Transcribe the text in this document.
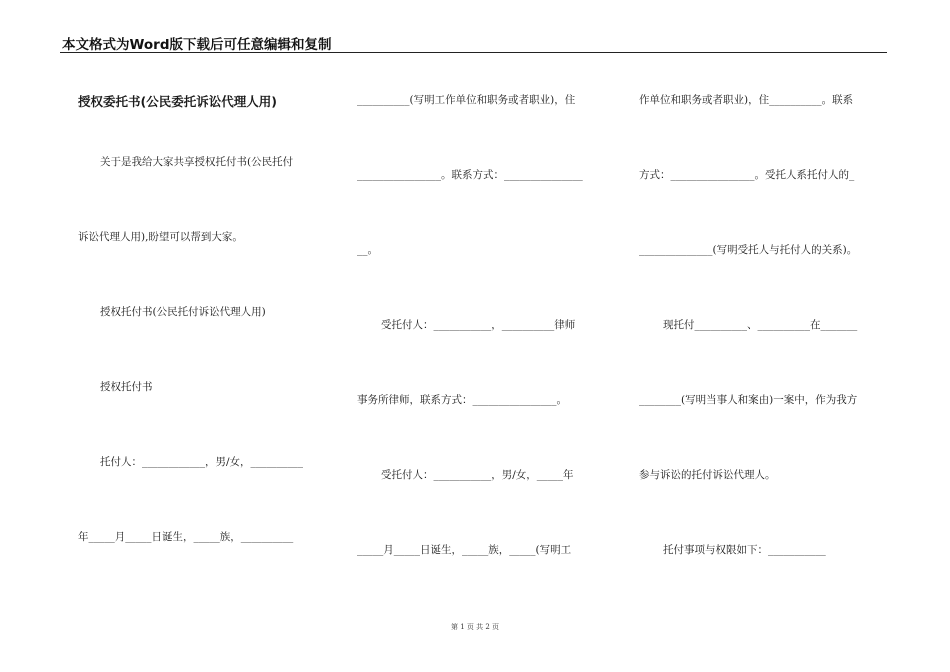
本文格式为Word版下载后可任意编辑和复制
授权委托书(公民委托诉讼代理人用)
关于是我给大家共享授权托付书(公民托付
诉讼代理人用),盼望可以帮到大家。
授权托付书(公民托付诉讼代理人用)
授权托付书
托付人：____________，男/女，__________
年_____月_____日诞生，_____族，__________
__________(写明工作单位和职务或者职业)，住
________________。联系方式：_______________
__。
受托付人：___________，__________律师
事务所律师，联系方式：________________。
受托付人：___________，男/女，_____年
_____月_____日诞生，_____族，_____(写明工
作单位和职务或者职业)，住__________。联系
方式：________________。受托人系托付人的_
______________(写明受托人与托付人的关系)。
现托付__________、__________在_______
________(写明当事人和案由)一案中，作为我方
参与诉讼的托付诉讼代理人。
托付事项与权限如下：___________
第 1 页 共 2 页
